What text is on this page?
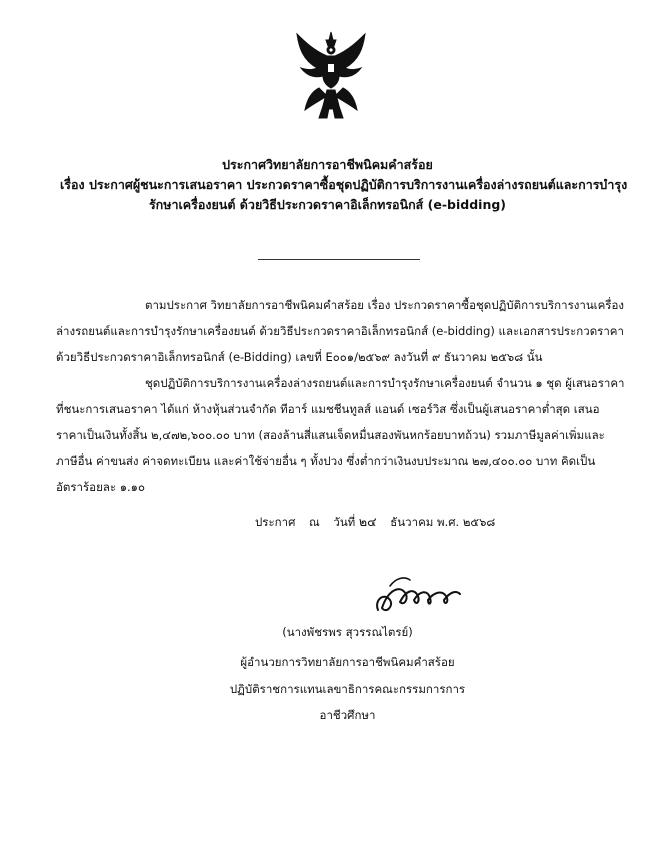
ประกาศวิทยาลัยการอาชีพนิคมคำสร้อย
เรื่อง ประกาศผู้ชนะการเสนอราคา ประกวดราคาซื้อชุดปฏิบัติการบริการงานเครื่องล่างรถยนต์และการบำรุง
รักษาเครื่องยนต์ ด้วยวิธีประกวดราคาอิเล็กทรอนิกส์ (e-bidding)
ตามประกาศ วิทยาลัยการอาชีพนิคมคำสร้อย เรื่อง ประกวดราคาซื้อชุดปฏิบัติการบริการงานเครื่อง
ล่างรถยนต์และการบำรุงรักษาเครื่องยนต์ ด้วยวิธีประกวดราคาอิเล็กทรอนิกส์ (e-bidding) และเอกสารประกวดราคา
ด้วยวิธีประกวดราคาอิเล็กทรอนิกส์ (e-Bidding) เลขที่ E๐๐๑/๒๕๖๙ ลงวันที่ ๙ ธันวาคม ๒๕๖๘ นั้น
ชุดปฏิบัติการบริการงานเครื่องล่างรถยนต์และการบำรุงรักษาเครื่องยนต์ จำนวน ๑ ชุด ผู้เสนอราคา
ที่ชนะการเสนอราคา ได้แก่ ห้างหุ้นส่วนจำกัด ทีอาร์ แมชชีนทูลส์ แอนด์ เซอร์วิส ซึ่งเป็นผู้เสนอราคาต่ำสุด เสนอ
ราคาเป็นเงินทั้งสิ้น ๒,๔๗๒,๖๐๐.๐๐ บาท (สองล้านสี่แสนเจ็ดหมื่นสองพันหกร้อยบาทถ้วน) รวมภาษีมูลค่าเพิ่มและ
ภาษีอื่น ค่าขนส่ง ค่าจดทะเบียน และค่าใช้จ่ายอื่น ๆ ทั้งปวง ซึ่งต่ำกว่าเงินงบประมาณ ๒๗,๔๐๐.๐๐ บาท คิดเป็น
อัตราร้อยละ ๑.๑๐
ประกาศ ณ วันที่ ๒๔ ธันวาคม พ.ศ. ๒๕๖๘
(นางพัชรพร สุวรรณไตรย์)
ผู้อำนวยการวิทยาลัยการอาชีพนิคมคำสร้อย
ปฏิบัติราชการแทนเลขาธิการคณะกรรมการการ
อาชีวศึกษา
